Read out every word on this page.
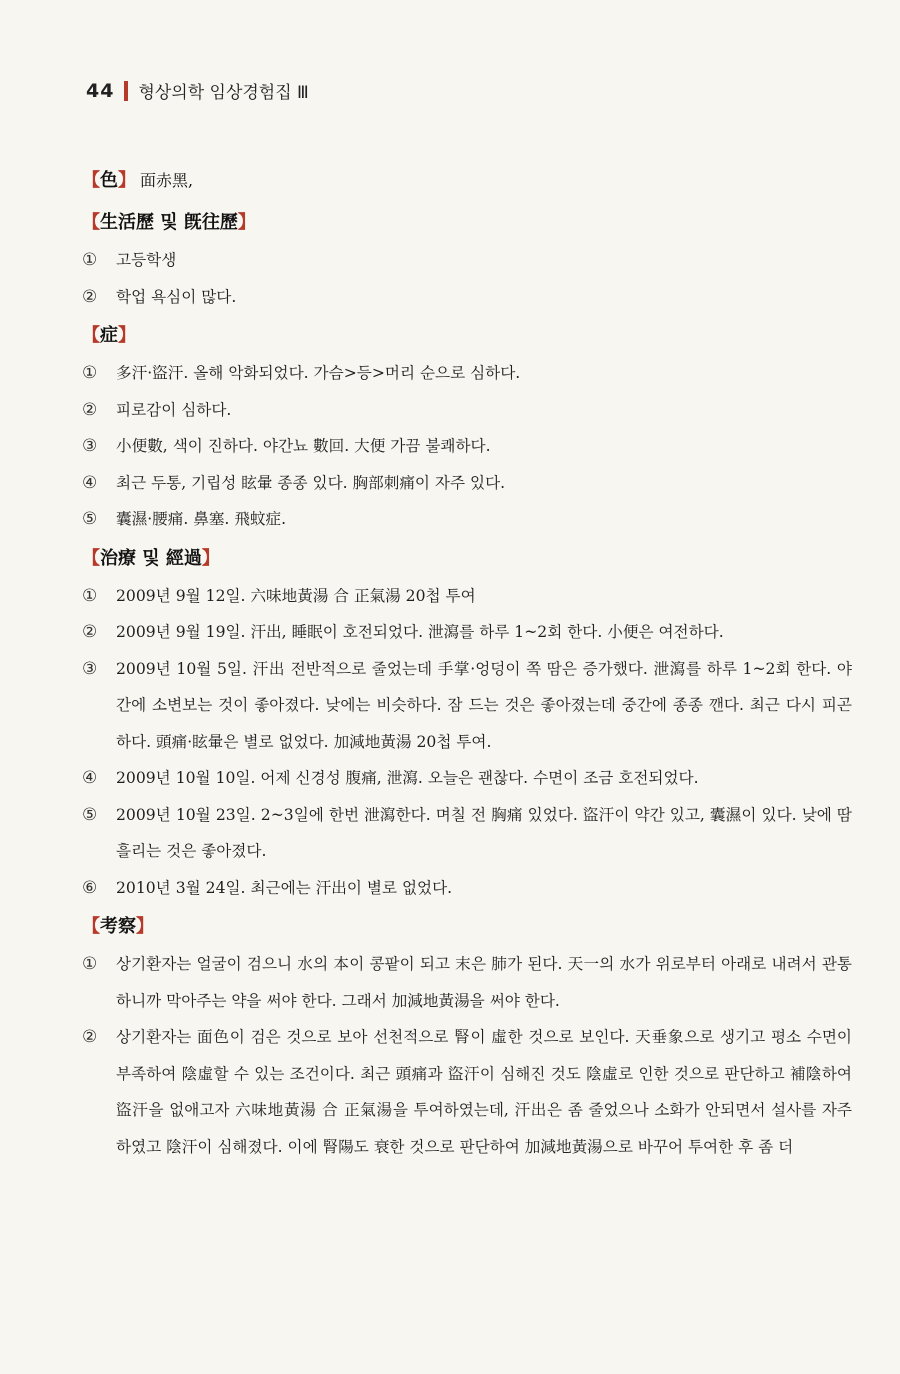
44 형상의학 임상경험집 Ⅲ

【色】 面赤黑,

【生活歷 및 旣往歷】

① 고등학생
② 학업 욕심이 많다.

【症】

① 多汗·盜汗. 올해 악화되었다. 가슴>등>머리 순으로 심하다.
② 피로감이 심하다.
③ 小便數, 색이 진하다. 야간뇨 數回. 大便 가끔 불쾌하다.
④ 최근 두통, 기립성 眩暈 종종 있다. 胸部刺痛이 자주 있다.
⑤ 囊濕·腰痛. 鼻塞. 飛蚊症.

【治療 및 經過】

① 2009년 9월 12일. 六味地黃湯 合 正氣湯 20첩 투여
② 2009년 9월 19일. 汗出, 睡眠이 호전되었다. 泄瀉를 하루 1~2회 한다. 小便은 여전하다.
③ 2009년 10월 5일. 汗出 전반적으로 줄었는데 手掌·엉덩이 쪽 땀은 증가했다. 泄瀉를 하루 1~2회 한다. 야간에 소변보는 것이 좋아졌다. 낮에는 비슷하다. 잠 드는 것은 좋아졌는데 중간에 종종 깬다. 최근 다시 피곤하다. 頭痛·眩暈은 별로 없었다. 加減地黃湯 20첩 투여.
④ 2009년 10월 10일. 어제 신경성 腹痛, 泄瀉. 오늘은 괜찮다. 수면이 조금 호전되었다.
⑤ 2009년 10월 23일. 2~3일에 한번 泄瀉한다. 며칠 전 胸痛 있었다. 盜汗이 약간 있고, 囊濕이 있다. 낮에 땀 흘리는 것은 좋아졌다.
⑥ 2010년 3월 24일. 최근에는 汗出이 별로 없었다.

【考察】

① 상기환자는 얼굴이 검으니 水의 本이 콩팥이 되고 末은 肺가 된다. 天一의 水가 위로부터 아래로 내려서 관통하니까 막아주는 약을 써야 한다. 그래서 加減地黃湯을 써야 한다.
② 상기환자는 面色이 검은 것으로 보아 선천적으로 腎이 虛한 것으로 보인다. 天垂象으로 생기고 평소 수면이 부족하여 陰虛할 수 있는 조건이다. 최근 頭痛과 盜汗이 심해진 것도 陰虛로 인한 것으로 판단하고 補陰하여 盜汗을 없애고자 六味地黃湯 合 正氣湯을 투여하였는데, 汗出은 좀 줄었으나 소화가 안되면서 설사를 자주 하였고 陰汗이 심해졌다. 이에 腎陽도 衰한 것으로 판단하여 加減地黃湯으로 바꾸어 투여한 후 좀 더
